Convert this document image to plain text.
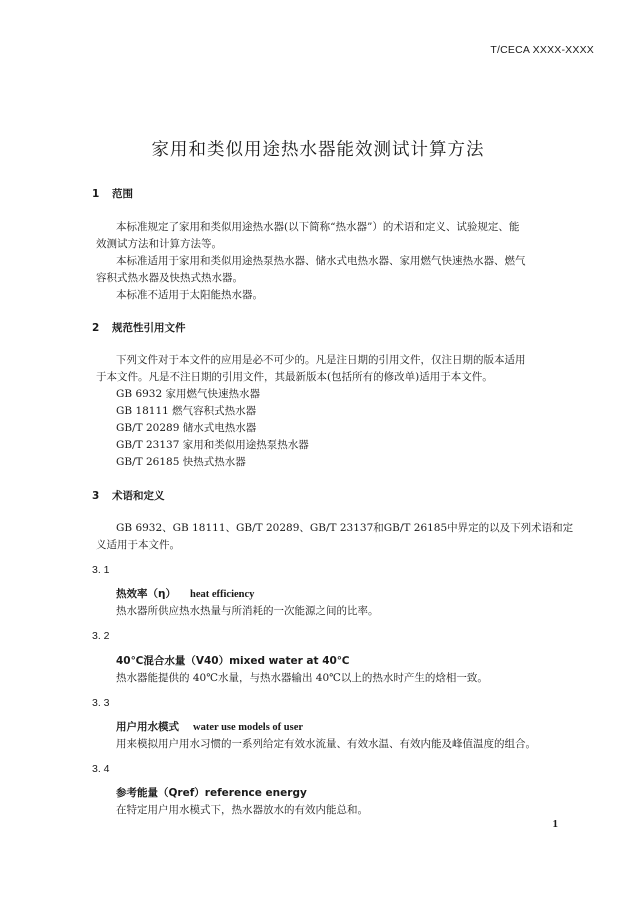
T/CECA XXXX-XXXX
家用和类似用途热水器能效测试计算方法
1 范围
本标准规定了家用和类似用途热水器(以下简称“热水器”）的术语和定义、试验规定、能
效测试方法和计算方法等。
本标准适用于家用和类似用途热泵热水器、储水式电热水器、家用燃气快速热水器、燃气
容积式热水器及快热式热水器。
本标准不适用于太阳能热水器。
2 规范性引用文件
下列文件对于本文件的应用是必不可少的。凡是注日期的引用文件，仅注日期的版本适用
于本文件。凡是不注日期的引用文件，其最新版本(包括所有的修改单)适用于本文件。
GB 6932 家用燃气快速热水器
GB 18111 燃气容积式热水器
GB/T 20289 储水式电热水器
GB/T 23137 家用和类似用途热泵热水器
GB/T 26185 快热式热水器
3 术语和定义
GB 6932、GB 18111、GB/T 20289、GB/T 23137和GB/T 26185中界定的以及下列术语和定
义适用于本文件。
3. 1
热效率（η） heat efficiency
热水器所供应热水热量与所消耗的一次能源之间的比率。
3. 2
40℃混合水量（V40）mixed water at 40℃
热水器能提供的 40℃水量，与热水器输出 40℃以上的热水时产生的焓相一致。
3. 3
用户用水模式 water use models of user
用来模拟用户用水习惯的一系列给定有效水流量、有效水温、有效内能及峰值温度的组合。
3. 4
参考能量（Qref）reference energy
在特定用户用水模式下，热水器放水的有效内能总和。
1
